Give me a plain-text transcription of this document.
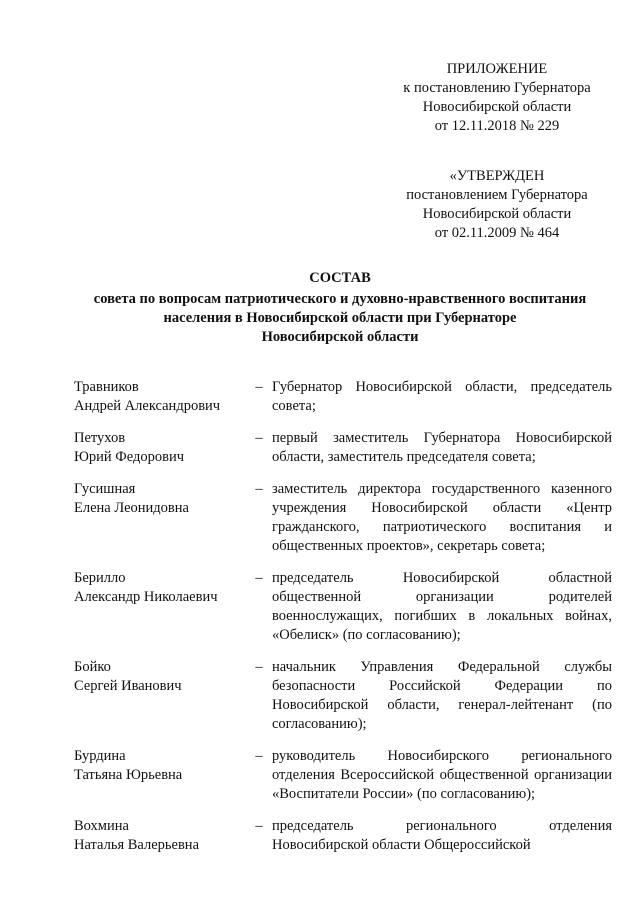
ПРИЛОЖЕНИЕ
к постановлению Губернатора
Новосибирской области
от 12.11.2018 № 229
«УТВЕРЖДЕН
постановлением Губернатора
Новосибирской области
от 02.11.2009 № 464
СОСТАВ
совета по вопросам патриотического и духовно-нравственного воспитания
населения в Новосибирской области при Губернаторе
Новосибирской области
Травников
Андрей Александрович
– Губернатор Новосибирской области, председатель совета;
Петухов
Юрий Федорович
– первый заместитель Губернатора Новосибирской области, заместитель председателя совета;
Гусишная
Елена Леонидовна
– заместитель директора государственного казенного учреждения Новосибирской области «Центр гражданского, патриотического воспитания и общественных проектов», секретарь совета;
Берилло
Александр Николаевич
– председатель Новосибирской областной общественной организации родителей военнослужащих, погибших в локальных войнах, «Обелиск» (по согласованию);
Бойко
Сергей Иванович
– начальник Управления Федеральной службы безопасности Российской Федерации по Новосибирской области, генерал-лейтенант (по согласованию);
Бурдина
Татьяна Юрьевна
– руководитель Новосибирского регионального отделения Всероссийской общественной организации «Воспитатели России» (по согласованию);
Вохмина
Наталья Валерьевна
– председатель регионального отделения Новосибирской области Общероссийской
